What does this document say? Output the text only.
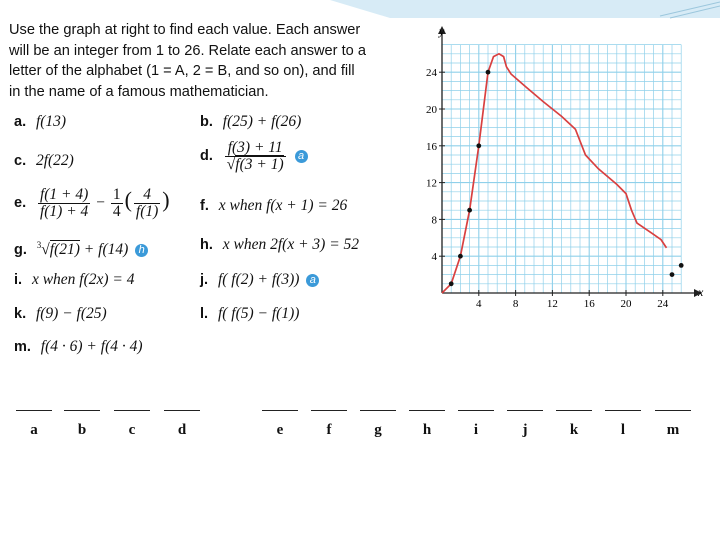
Use the graph at right to find each value. Each answer
will be an integer from 1 to 26. Relate each answer to a
letter of the alphabet (1 = A, 2 = B, and so on), and fill
in the name of a famous mathematician.
a. f(13)	b. f(25) + f(26)
c. 2f(22)	d. $\frac{f(3) + 11}{√f(3 + 1)}$ a
e. $\frac{f(1 + 4)}{f(1) + 4} - \frac{1}{4}$ ( $\frac{4}{f(1)}$ ) f. x when f(x + 1) = 26
g. $^3$√f(21) + f(14) h	h. x when 2f(x + 3) = 52
i. x when f(2x) = 4	j. f( f(2) + f(3)) a
k. f(9) − f(25)	l. f( f(5) − f(1))
m. f(4 · 6) + f(4 · 4)
y
x
4	8	12 16 20 24
4
8
12
16
20
24
a	b	c	d	e	f	g	h	i	j	k	l	m
